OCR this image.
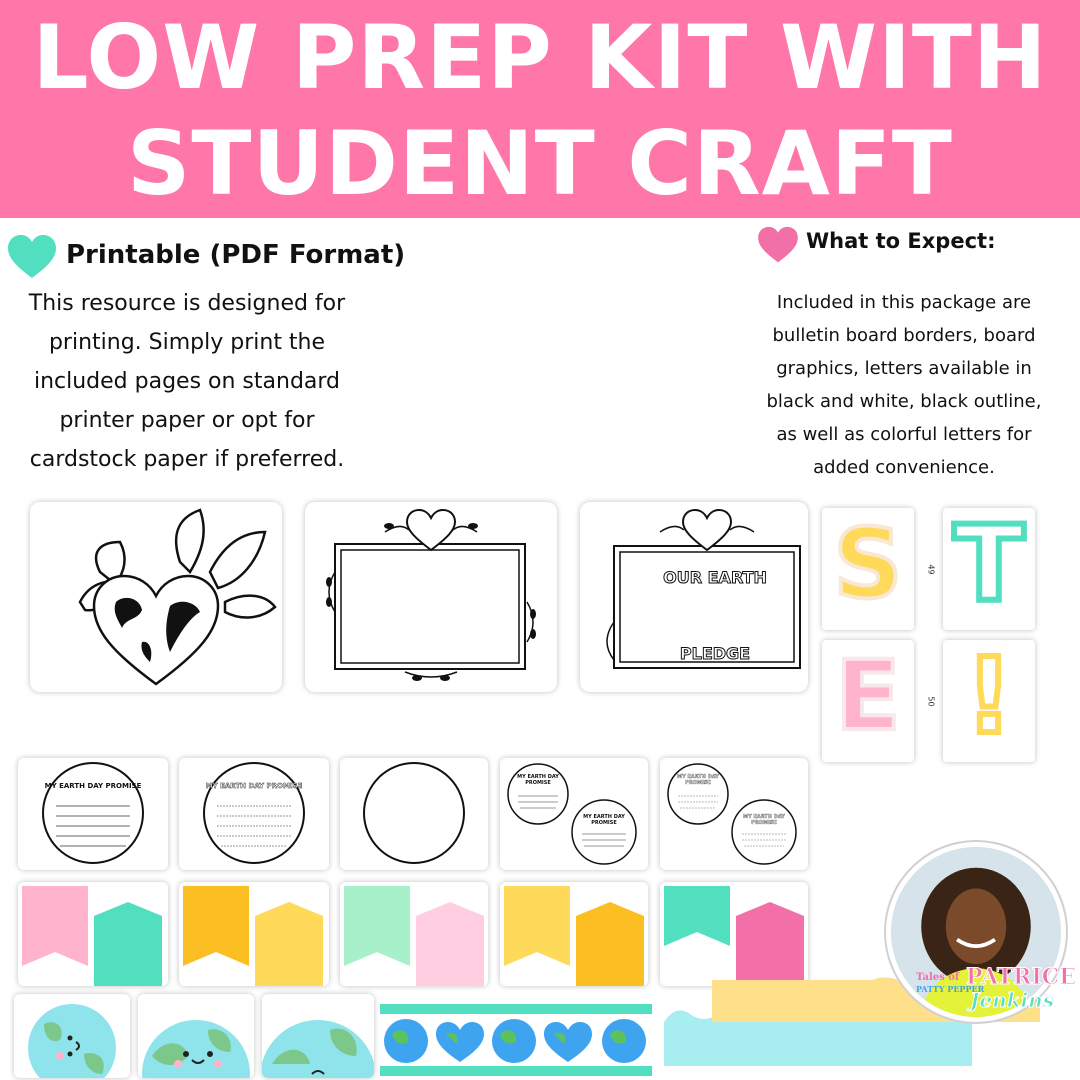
LOW PREP KIT WITH
STUDENT CRAFT
Printable (PDF Format)
This resource is designed for
printing. Simply print the
included pages on standard
printer paper or opt for
cardstock paper if preferred.
What to Expect:
Included in this package are
bulletin board borders, board
graphics, letters available in
black and white, black outline,
as well as colorful letters for
added convenience.
OUR EARTH
PLEDGE
S T
E !
49
50
MY EARTH DAY PROMISE	MY EARTH DAY PROMISE
MY EARTH DAY PROMISE
MY EARTH DAY PROMISE
MY EARTH DAY PROMISE
MY EARTH DAY PROMISE
Tales of
PATTY PEPPER
PATRICE
Jenkins
